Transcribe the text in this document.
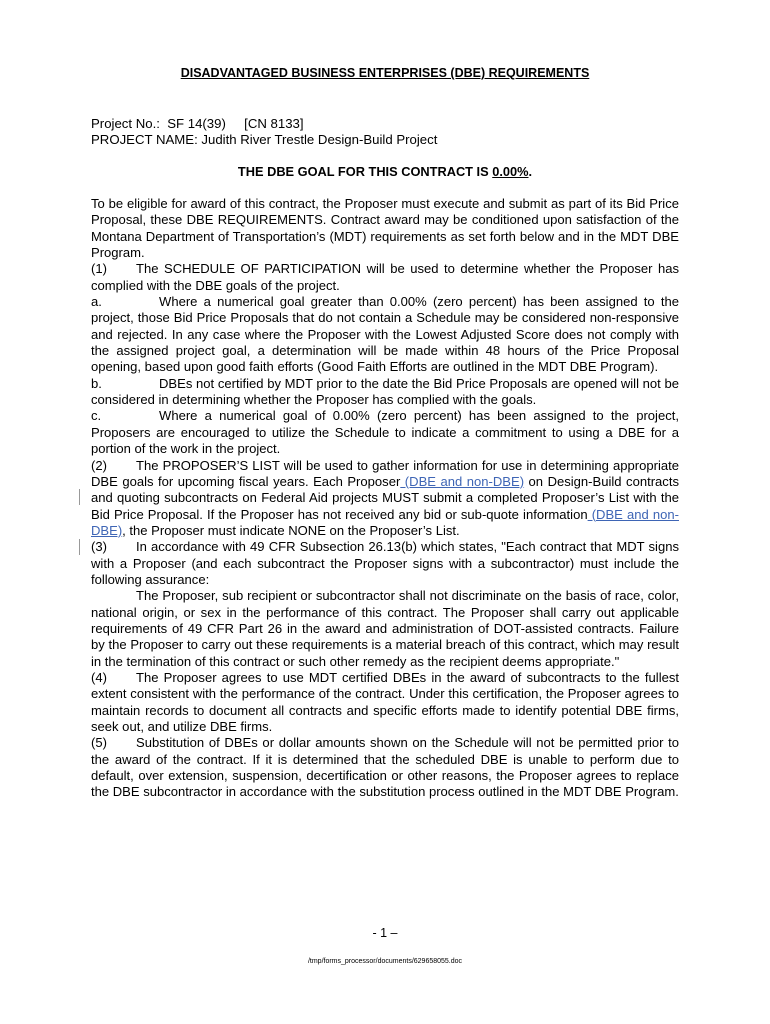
DISADVANTAGED BUSINESS ENTERPRISES (DBE) REQUIREMENTS
Project No.:  SF 14(39)     [CN 8133]
PROJECT NAME: Judith River Trestle Design-Build Project
THE DBE GOAL FOR THIS CONTRACT IS 0.00%.

To be eligible for award of this contract, the Proposer must execute and submit as part of its Bid Price Proposal, these DBE REQUIREMENTS. Contract award may be conditioned upon satisfaction of the Montana Department of Transportation’s (MDT) requirements as set forth below and in the MDT DBE Program.

(1) The SCHEDULE OF PARTICIPATION will be used to determine whether the Proposer has complied with the DBE goals of the project.

a.	Where a numerical goal greater than 0.00% (zero percent) has been assigned to the project, those Bid Price Proposals that do not contain a Schedule may be considered non-responsive and rejected. In any case where the Proposer with the Lowest Adjusted Score does not comply with the assigned project goal, a determination will be made within 48 hours of the Price Proposal opening, based upon good faith efforts (Good Faith Efforts are outlined in the MDT DBE Program).

b.	DBEs not certified by MDT prior to the date the Bid Price Proposals are opened will not be considered in determining whether the Proposer has complied with the goals.

c.	Where a numerical goal of 0.00% (zero percent) has been assigned to the project, Proposers are encouraged to utilize the Schedule to indicate a commitment to using a DBE for a portion of the work in the project.

(2) The PROPOSER’S LIST will be used to gather information for use in determining appropriate DBE goals for upcoming fiscal years. Each Proposer (DBE and non-DBE) on Design-Build contracts and quoting subcontracts on Federal Aid projects MUST submit a completed Proposer’s List with the Bid Price Proposal. If the Proposer has not received any bid or sub-quote information (DBE and non-DBE), the Proposer must indicate NONE on the Proposer’s List.

(3) In accordance with 49 CFR Subsection 26.13(b) which states, "Each contract that MDT signs with a Proposer (and each subcontract the Proposer signs with a subcontractor) must include the following assurance:

The Proposer, sub recipient or subcontractor shall not discriminate on the basis of race, color, national origin, or sex in the performance of this contract. The Proposer shall carry out applicable requirements of 49 CFR Part 26 in the award and administration of DOT-assisted contracts. Failure by the Proposer to carry out these requirements is a material breach of this contract, which may result in the termination of this contract or such other remedy as the recipient deems appropriate."

(4) The Proposer agrees to use MDT certified DBEs in the award of subcontracts to the fullest extent consistent with the performance of the contract. Under this certification, the Proposer agrees to maintain records to document all contracts and specific efforts made to identify potential DBE firms, seek out, and utilize DBE firms.

(5) Substitution of DBEs or dollar amounts shown on the Schedule will not be permitted prior to the award of the contract. If it is determined that the scheduled DBE is unable to perform due to default, over extension, suspension, decertification or other reasons, the Proposer agrees to replace the DBE subcontractor in accordance with the substitution process outlined in the MDT DBE Program.

- 1 –
/tmp/forms_processor/documents/629658055.doc
